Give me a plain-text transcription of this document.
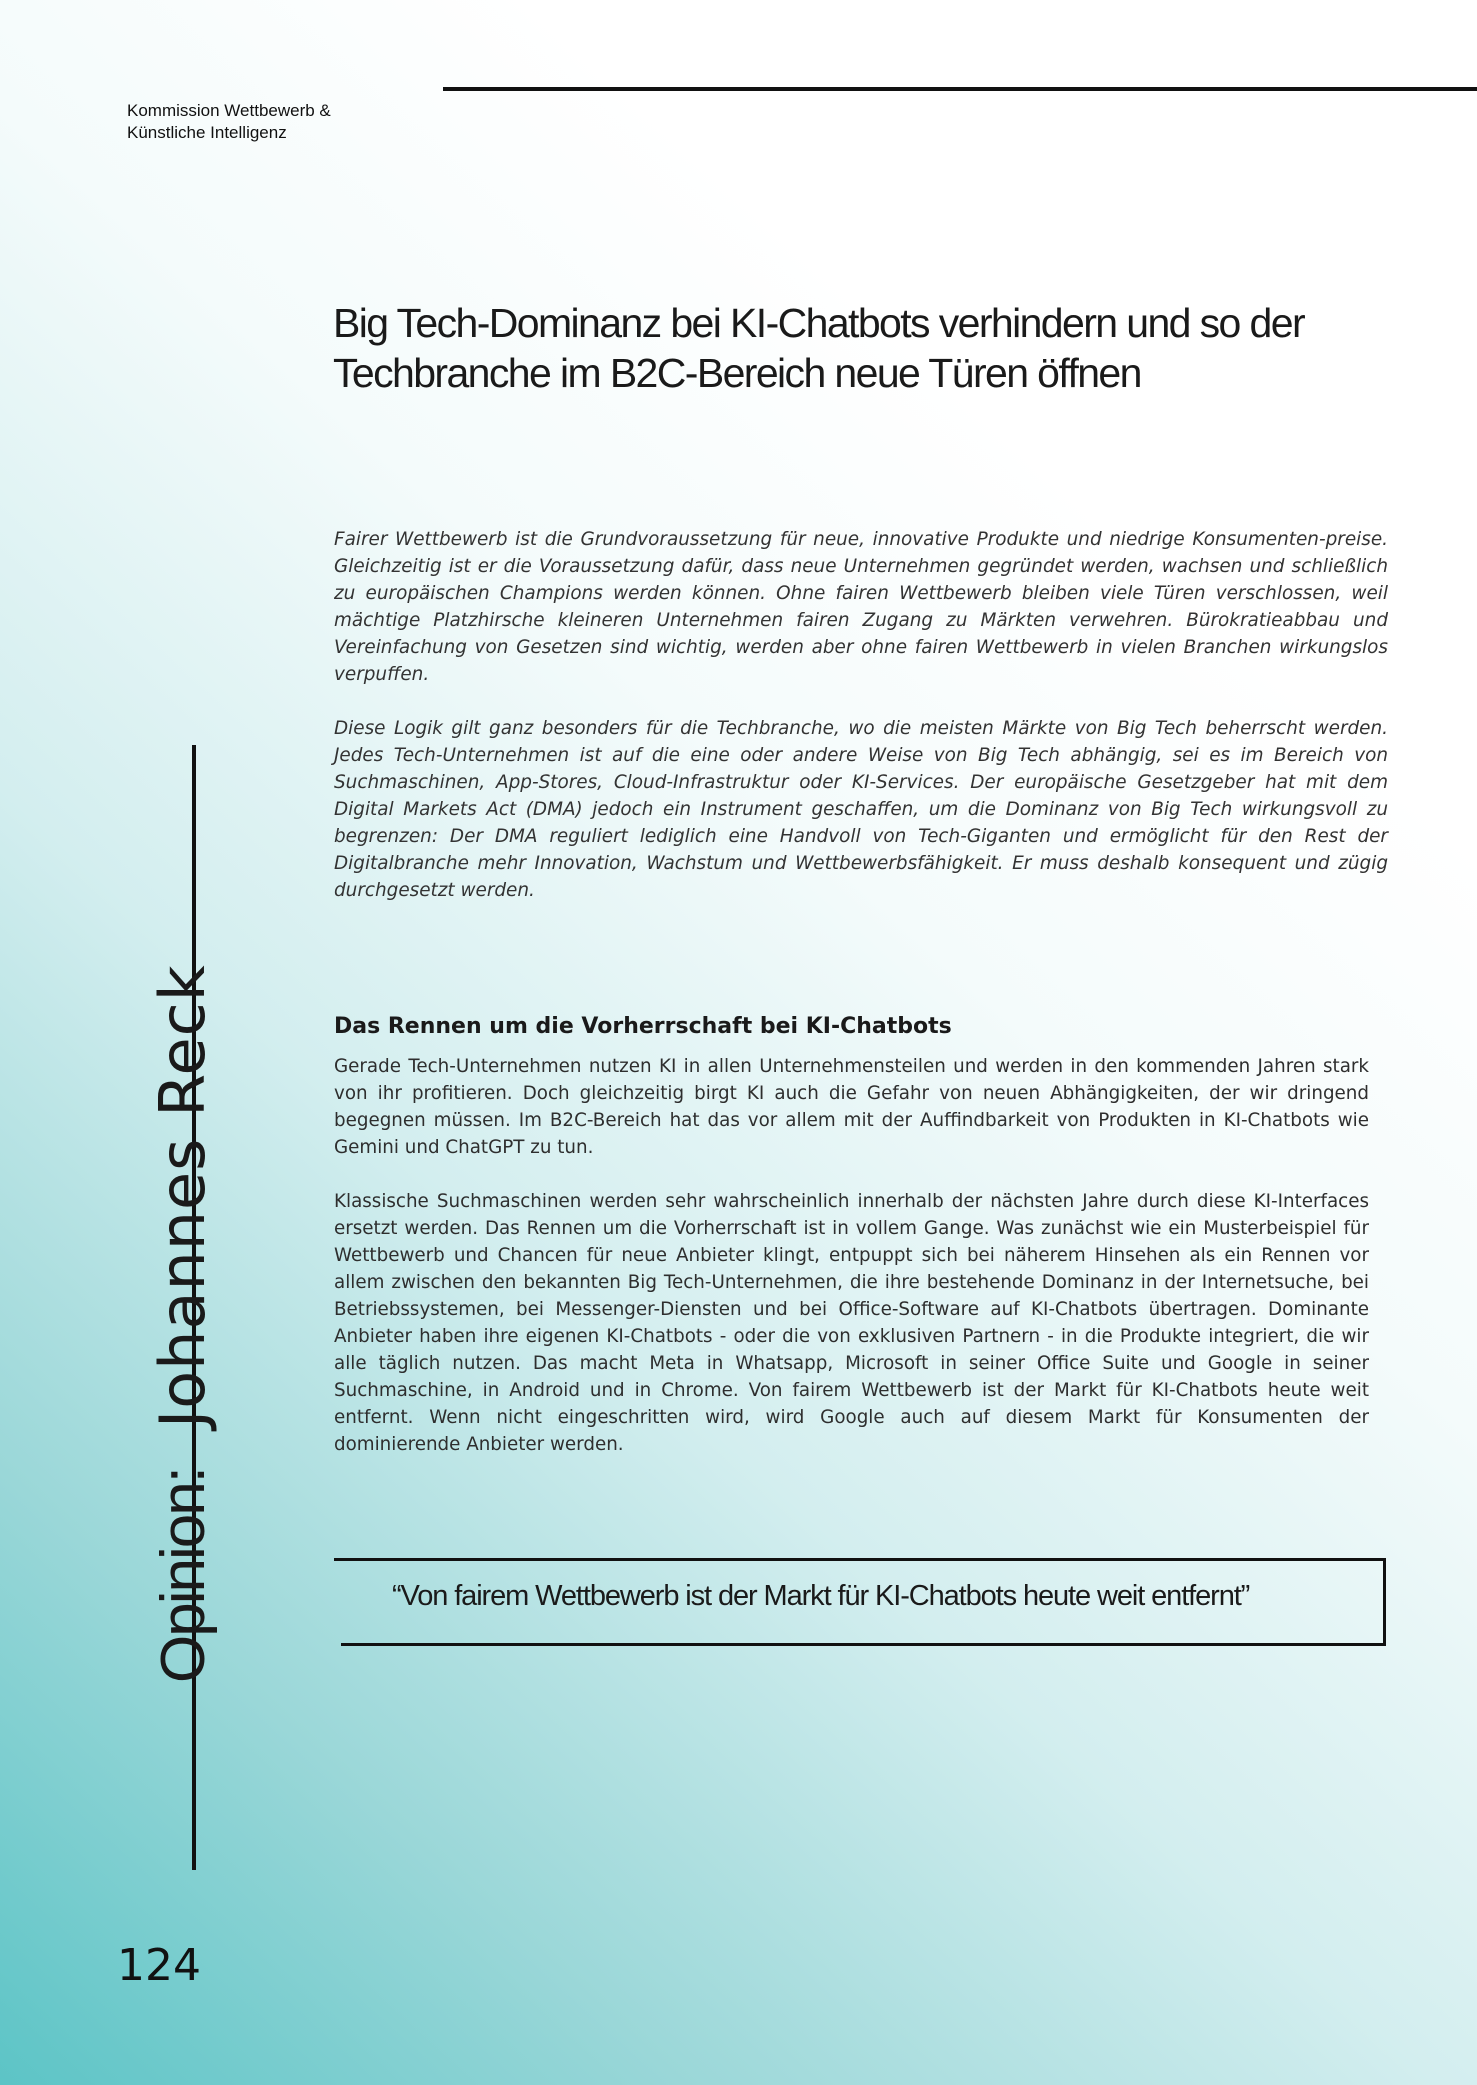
Kommission Wettbewerb &
Künstliche Intelligenz
Big Tech-Dominanz bei KI-Chatbots verhindern und so der
Techbranche im B2C-Bereich neue Türen öffnen

Fairer Wettbewerb ist die Grundvoraussetzung für neue, innovative Produkte und niedrige Konsumenten-preise. Gleichzeitig ist er die Voraussetzung dafür, dass neue Unternehmen gegründet werden, wachsen und schließlich zu europäischen Champions werden können. Ohne fairen Wettbewerb bleiben viele Türen verschlossen, weil mächtige Platzhirsche kleineren Unternehmen fairen Zugang zu Märkten verwehren. Bürokratieabbau und Vereinfachung von Gesetzen sind wichtig, werden aber ohne fairen Wettbewerb in vielen Branchen wirkungslos verpuffen.

Diese Logik gilt ganz besonders für die Techbranche, wo die meisten Märkte von Big Tech beherrscht werden. Jedes Tech-Unternehmen ist auf die eine oder andere Weise von Big Tech abhängig, sei es im Bereich von Suchmaschinen, App-Stores, Cloud-Infrastruktur oder KI-Services. Der europäische Gesetzgeber hat mit dem Digital Markets Act (DMA) jedoch ein Instrument geschaffen, um die Dominanz von Big Tech wirkungsvoll zu begrenzen: Der DMA reguliert lediglich eine Handvoll von Tech-Giganten und ermöglicht für den Rest der Digitalbranche mehr Innovation, Wachstum und Wettbewerbsfähigkeit. Er muss deshalb konsequent und zügig durchgesetzt werden.

Das Rennen um die Vorherrschaft bei KI-Chatbots

Gerade Tech-Unternehmen nutzen KI in allen Unternehmensteilen und werden in den kommenden Jahren stark von ihr profitieren. Doch gleichzeitig birgt KI auch die Gefahr von neuen Abhängigkeiten, der wir dringend begegnen müssen. Im B2C-Bereich hat das vor allem mit der Auffindbarkeit von Produkten in KI-Chatbots wie Gemini und ChatGPT zu tun.

Klassische Suchmaschinen werden sehr wahrscheinlich innerhalb der nächsten Jahre durch diese KI-Interfaces ersetzt werden. Das Rennen um die Vorherrschaft ist in vollem Gange. Was zunächst wie ein Musterbeispiel für Wettbewerb und Chancen für neue Anbieter klingt, entpuppt sich bei näherem Hinsehen als ein Rennen vor allem zwischen den bekannten Big Tech-Unternehmen, die ihre bestehende Dominanz in der Internetsuche, bei Betriebssystemen, bei Messenger-Diensten und bei Office-Software auf KI-Chatbots übertragen. Dominante Anbieter haben ihre eigenen KI-Chatbots - oder die von exklusiven Partnern - in die Produkte integriert, die wir alle täglich nutzen. Das macht Meta in Whatsapp, Microsoft in seiner Office Suite und Google in seiner Suchmaschine, in Android und in Chrome. Von fairem Wettbewerb ist der Markt für KI-Chatbots heute weit entfernt. Wenn nicht eingeschritten wird, wird Google auch auf diesem Markt für Konsumenten der dominierende Anbieter werden.

“Von fairem Wettbewerb ist der Markt für KI-Chatbots heute weit entfernt”
Opinion:Johannes Reck
124
